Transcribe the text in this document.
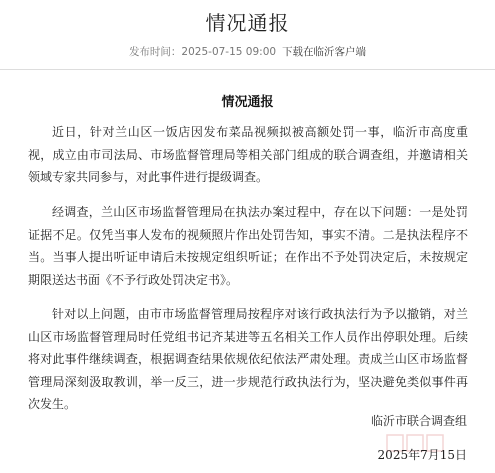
情况通报
发布时间：2025-07-15 09:00 下载在临沂客户端
情况通报

近日，针对兰山区一饭店因发布菜品视频拟被高额处罚一事，临沂市高度重视，成立由市司法局、市场监督管理局等相关部门组成的联合调查组，并邀请相关领域专家共同参与，对此事件进行提级调查。

经调查，兰山区市场监督管理局在执法办案过程中，存在以下问题：一是处罚证据不足。仅凭当事人发布的视频照片作出处罚告知，事实不清。二是执法程序不当。当事人提出听证申请后未按规定组织听证；在作出不予处罚决定后，未按规定期限送达书面《不予行政处罚决定书》。

针对以上问题，由市市场监督管理局按程序对该行政执法行为予以撤销，对兰山区市场监督管理局时任党组书记齐某进等五名相关工作人员作出停职处理。后续将对此事件继续调查，根据调查结果依规依纪依法严肃处理。责成兰山区市场监督管理局深刻汲取教训，举一反三，进一步规范行政执法行为，坚决避免类似事件再次发生。

临沂市联合调查组
2025年7月15日
